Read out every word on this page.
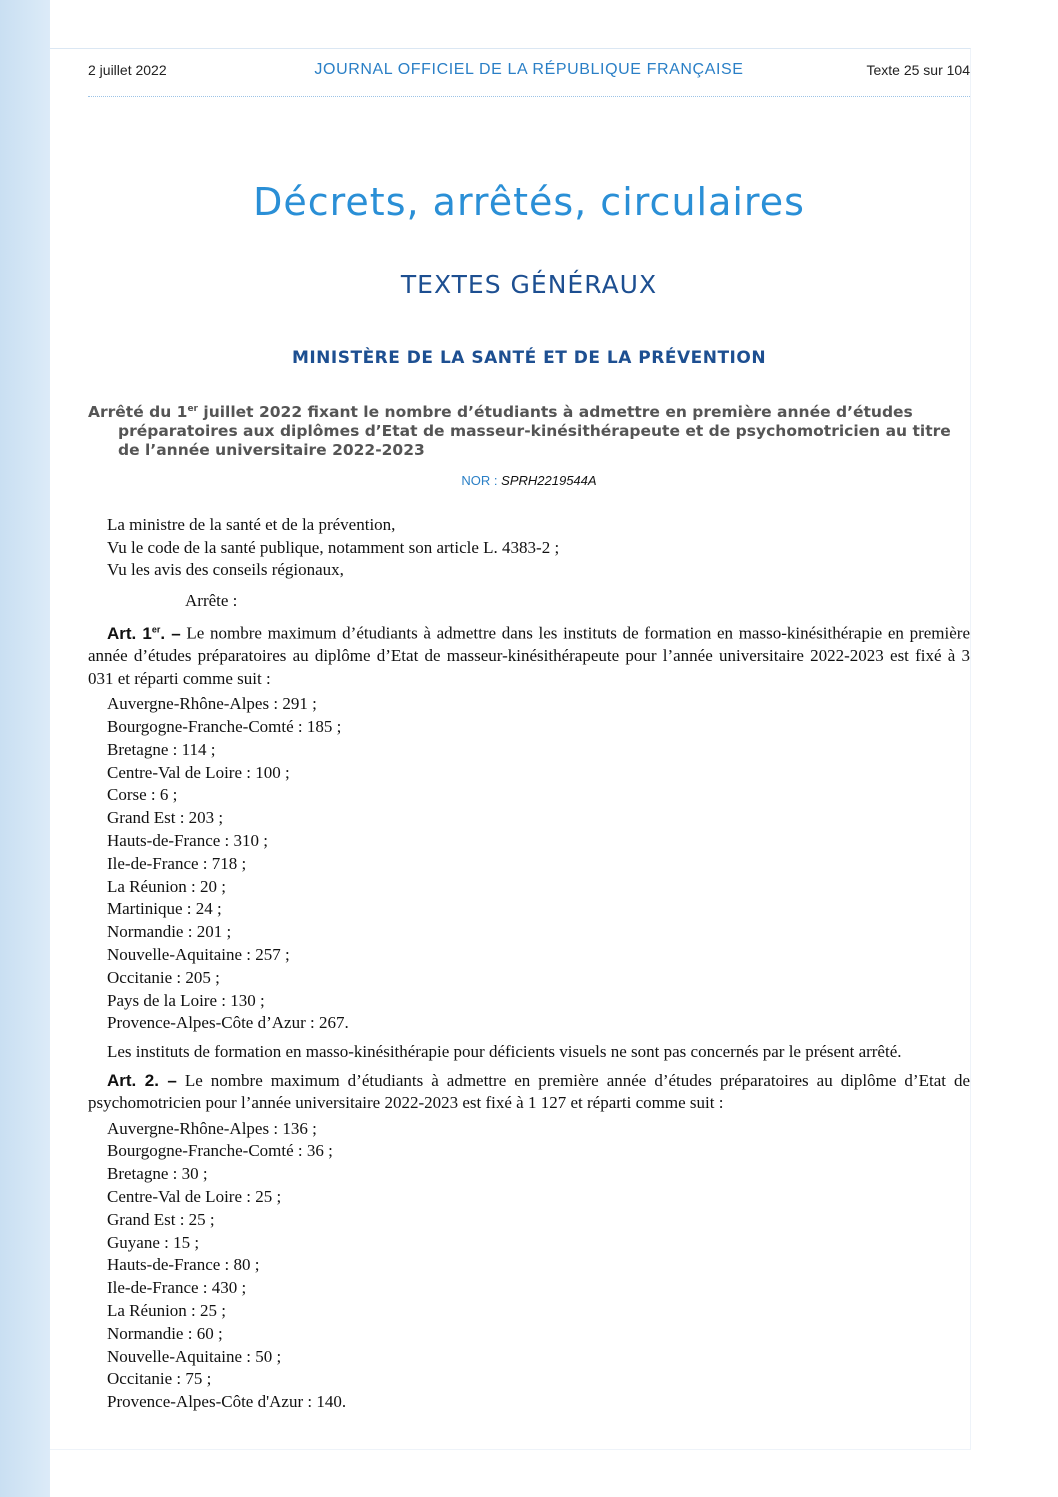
2 juillet 2022	JOURNAL OFFICIEL DE LA RÉPUBLIQUE FRANÇAISE	Texte 25 sur 104
Décrets, arrêtés, circulaires
TEXTES GÉNÉRAUX
MINISTÈRE DE LA SANTÉ ET DE LA PRÉVENTION
Arrêté du 1er juillet 2022 fixant le nombre d’étudiants à admettre en première année d’études préparatoires aux diplômes d’Etat de masseur-kinésithérapeute et de psychomotricien au titre de l’année universitaire 2022-2023
NOR : SPRH2219544A
La ministre de la santé et de la prévention,
Vu le code de la santé publique, notamment son article L. 4383-2 ;
Vu les avis des conseils régionaux,
Arrête :
Art. 1er. – Le nombre maximum d’étudiants à admettre dans les instituts de formation en masso-kinésithérapie en première année d’études préparatoires au diplôme d’Etat de masseur-kinésithérapeute pour l’année universitaire 2022-2023 est fixé à 3 031 et réparti comme suit :
Auvergne-Rhône-Alpes : 291 ;
Bourgogne-Franche-Comté : 185 ;
Bretagne : 114 ;
Centre-Val de Loire : 100 ;
Corse : 6 ;
Grand Est : 203 ;
Hauts-de-France : 310 ;
Ile-de-France : 718 ;
La Réunion : 20 ;
Martinique : 24 ;
Normandie : 201 ;
Nouvelle-Aquitaine : 257 ;
Occitanie : 205 ;
Pays de la Loire : 130 ;
Provence-Alpes-Côte d’Azur : 267.
Les instituts de formation en masso-kinésithérapie pour déficients visuels ne sont pas concernés par le présent arrêté.
Art. 2. – Le nombre maximum d’étudiants à admettre en première année d’études préparatoires au diplôme d’Etat de psychomotricien pour l’année universitaire 2022-2023 est fixé à 1 127 et réparti comme suit :
Auvergne-Rhône-Alpes : 136 ;
Bourgogne-Franche-Comté : 36 ;
Bretagne : 30 ;
Centre-Val de Loire : 25 ;
Grand Est : 25 ;
Guyane : 15 ;
Hauts-de-France : 80 ;
Ile-de-France : 430 ;
La Réunion : 25 ;
Normandie : 60 ;
Nouvelle-Aquitaine : 50 ;
Occitanie : 75 ;
Provence-Alpes-Côte d'Azur : 140.
